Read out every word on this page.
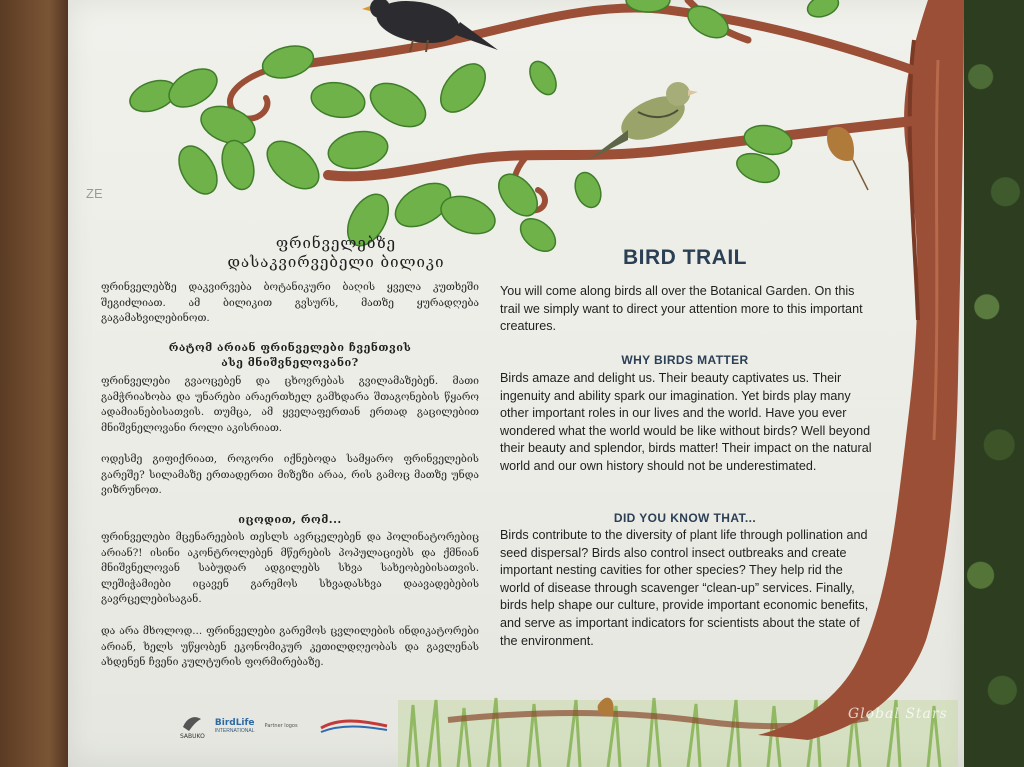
ZE
ფრინველებზე
დასაკვირვებელი ბილიკი
ფრინველებზე დაკვირვება ბოტანიკური ბაღის ყველა კუთხეში შეგიძლიათ. ამ ბილიკით გვსურს, მათზე ყურადღება გაგამახვილებინოთ.
რატომ არიან ფრინველები ჩვენთვის
ასე მნიშვნელოვანი?
ფრინველები გვაოცებენ და ცხოვრებას გვილამაზებენ. მათი გამჭრიახობა და უნარები არაერთხელ გამხდარა შთაგონების წყარო ადამიანებისათვის. თუმცა, ამ ყველაფერთან ერთად გაცილებით მნიშვნელოვანი როლი აკისრიათ.
ოდესმე გიფიქრიათ, როგორი იქნებოდა სამყარო ფრინველების გარეშე? სილამაზე ერთადერთი მიზეზი არაა, რის გამოც მათზე უნდა ვიზრუნოთ.
იცოდით, რომ...
ფრინველები მცენარეების თესლს ავრცელებენ და პოლინატორებიც არიან?! ისინი აკონტროლებენ მწერების პოპულაციებს და ქმნიან მნიშვნელოვან საბუდარ ადგილებს სხვა სახეობებისათვის. ლეშიჭამიები იცავენ გარემოს სხვადასხვა დაავადებების გავრცელებისაგან.
და არა მხოლოდ... ფრინველები გარემოს ცვლილების ინდიკატორები არიან, ხელს უწყობენ ეკონომიკურ კეთილდღეობას და გავლენას ახდენენ ჩვენი კულტურის ფორმირებაზე.
BIRD TRAIL
You will come along birds all over the Botanical Garden. On this trail we simply want to direct your attention more to this important creatures.
WHY BIRDS MATTER
Birds amaze and delight us. Their beauty captivates us. Their ingenuity and ability spark our imagination. Yet birds play many other important roles in our lives and the world. Have you ever wondered what the world would be like without birds? Well beyond their beauty and splendor, birds matter! Their impact on the natural world and our own history should not be underestimated.
DID YOU KNOW THAT...
Birds contribute to the diversity of plant life through pollination and seed dispersal? Birds also control insect outbreaks and create important nesting cavities for other species? They help rid the world of disease through scavenger “clean-up” services. Finally, birds help shape our culture, provide important economic benefits, and serve as important indicators for scientists about the state of the environment.
SABUKO
BirdLife
INTERNATIONAL
Partner logos
Global Stars
